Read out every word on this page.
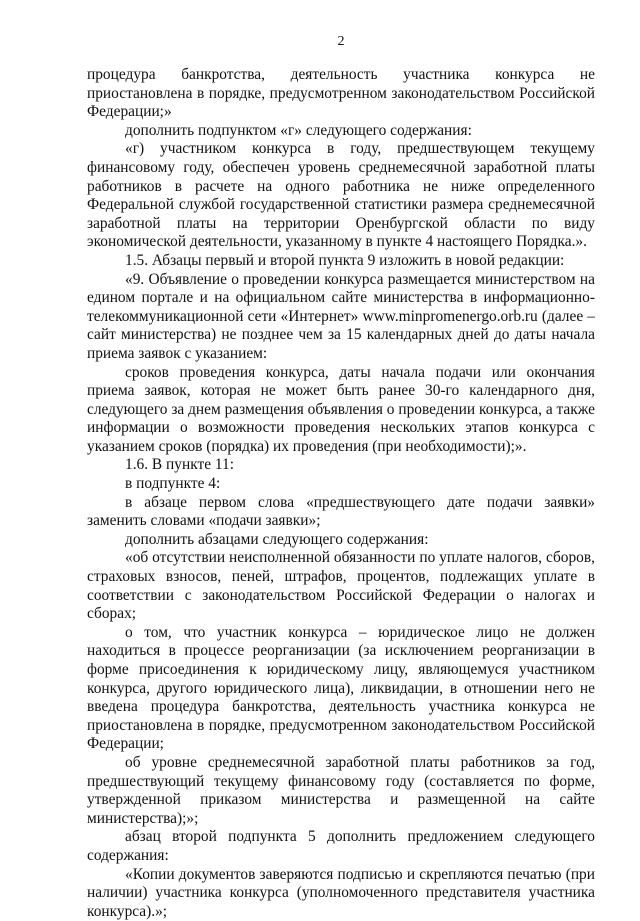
2

процедура банкротства, деятельность участника конкурса не приостановлена в порядке, предусмотренном законодательством Российской Федерации;»

дополнить подпунктом «г» следующего содержания:

«г) участником конкурса в году, предшествующем текущему финансовому году, обеспечен уровень среднемесячной заработной платы работников в расчете на одного работника не ниже определенного Федеральной службой государственной статистики размера среднемесячной заработной платы на территории Оренбургской области по виду экономической деятельности, указанному в пункте 4 настоящего Порядка.».

1.5. Абзацы первый и второй пункта 9 изложить в новой редакции:

«9. Объявление о проведении конкурса размещается министерством на едином портале и на официальном сайте министерства в информационно-телекоммуникационной сети «Интернет» www.minpromenergo.orb.ru (далее – сайт министерства) не позднее чем за 15 календарных дней до даты начала приема заявок с указанием:

сроков проведения конкурса, даты начала подачи или окончания приема заявок, которая не может быть ранее 30-го календарного дня, следующего за днем размещения объявления о проведении конкурса, а также информации о возможности проведения нескольких этапов конкурса с указанием сроков (порядка) их проведения (при необходимости);».

1.6. В пункте 11:

в подпункте 4:

в абзаце первом слова «предшествующего дате подачи заявки» заменить словами «подачи заявки»;

дополнить абзацами следующего содержания:

«об отсутствии неисполненной обязанности по уплате налогов, сборов, страховых взносов, пеней, штрафов, процентов, подлежащих уплате в соответствии с законодательством Российской Федерации о налогах и сборах;

о том, что участник конкурса – юридическое лицо не должен находиться в процессе реорганизации (за исключением реорганизации в форме присоединения к юридическому лицу, являющемуся участником конкурса, другого юридического лица), ликвидации, в отношении него не введена процедура банкротства, деятельность участника конкурса не приостановлена в порядке, предусмотренном законодательством Российской Федерации;

об уровне среднемесячной заработной платы работников за год, предшествующий текущему финансовому году (составляется по форме, утвержденной приказом министерства и размещенной на сайте министерства);»;

абзац второй подпункта 5 дополнить предложением следующего содержания:

«Копии документов заверяются подписью и скрепляются печатью (при наличии) участника конкурса (уполномоченного представителя участника конкурса).»;
